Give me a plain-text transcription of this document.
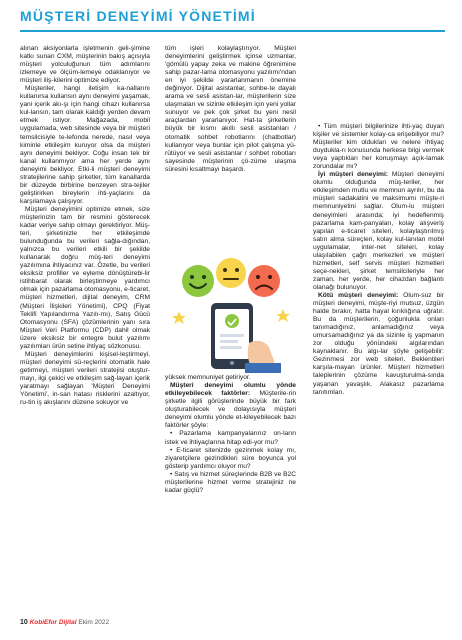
MÜŞTERİ DENEYİMİ YÖNETİMİ

alınan aksiyonlarla işletmenin geli-şimine katkı sunan CXM, müşterinin bakış açısıyla müşteri yolculuğunun tüm adımlarını izlemeye ve ölçüm-lemeye odaklanıyor ve müşteri iliş-kilerini optimize ediyor.

Müşteriler, hangi iletişim ka-nallarını kullanırsa kullansın aynı deneyimi yaşamak, yani içerik akı-şı için hangi cihazı kullanırsa kul-lansın, tam olarak kaldığı yerden devam etmek istiyor. Mağazada, mobil uygulamada, web sitesinde veya bir müşteri temsilcisiyle te-lefonda nerede, nasıl veya kiminle etkileşim kuruyor olsa da müşteri aynı deneyimi bekliyor. Coğu insan tek bir kanal kullanmıyor ama her yerde aynı deneyimi bekliyor. Etki-li müşteri deneyimi stratejilerine sahip şirketler, tüm kanallarda bir düzeyde birbirine benzeyen stra-tejiler geliştirirken bireylerin ihti-yaçlarını da karşılamaya çalışıyor.

Müşteri deneyimini optimize etmek, size müşterinizin tam bir resmini gösterecek kadar veriye sahip olmayı gerektiriyor. Müş-teri, şirketinizle her etkileşimde bulunduğunda bu verileri sağla-dığından, yalnızca bu verileri etkili bir şekilde kullanarak doğru müş-teri deneyimi yazılımına ihtiyacınız var. Özetle, bu verileri eksiksiz profiller ve eyleme dönüştürebi-lir istihbarat olarak birleştirmeye yardımcı olmak için pazarlama otomasyonu, e-ticaret, müşteri hizmetleri, dijital deneyim, CRM (Müşteri İlişkileri Yönetimi), CPQ (Fiyat Teklifi Yapılandırma Yazılı-mı), Satış Gücü Otomasyonu (SFA) çözümlerinin yanı sıra Müşteri Veri Platformu (CDP) dahil olmak üzere eksiksiz bir entegre bulut yazılımı yazılımları ürün setine ihtiyaç sözkonusu.

Müşteri deneyimlerini kişisel-leştirmeyi, müşteri deneyimi sü-reçlerini otomatik hale getirmeyi, müşteri verileri stratejisi oluştur-mayı, ilgi çekici ve etkileşim sağ-layan içerik yaratmayı sağlayan 'Müşteri Deneyimi Yönetimi', in-san hatası risklerini azaltıyor, ru-tin iş akışlarını düzene sokuyor ve

tüm işleri kolaylaştırıyor. Müşteri deneyimlerini geliştirmek içinse uzmanlar, 'gömülü yapay zeka ve makine öğrenimine sahip pazar-lama otomasyonu yazılımı'ndan en iyi şekilde yararlanmanın önemine değiniyor. Dijital asistanlar, sohbe-te dayalı arama ve sesli asistan-lar, müşterilerin size ulaşmaları ve sizinle etkileşim için yeni yollar sunuyor ve pek çok şirket bu yeni nesil araçlardan yararlanıyor. Hat-ta şirketlerin büyük bir kısmı akıllı sesli asistanları / otomatik sohbet robotlarını (chatbotlar) kullanıyor veya bunlar için pilot çalışma yü-rütüyor ve sesli asistanlar / sohbet robotları sayesinde müşterinin çö-züme ulaşma süresini kısaltmayı başardı.

yüksek memnuniyet getiriyor.

Müşteri deneyimi olumlu yönde etkileyebilecek faktörler: Müşterile-rin şirketle ilgili görüşlerinde büyük bir fark oluşturabilecek ve dolayısıyla müşteri deneyimi olumlu yönde et-kileyebilecek bazı faktörler şöyle:

• Pazarlama kampanyalarınız on-ların istek ve ihtiyaçlarına hitap edi-yor mu?

• E-ticaret sitenizde gezinmek kolay mı, ziyaretçilere gezindikleri süre boyunca yol gösterip yardımcı oluyor mu?

• Satış ve hizmet süreçlerinde B2B ve B2C müşterilerine hizmet verme stratejiniz ne kadar güçlü?

• Tüm müşteri bilgilerinize ihti-yaç duyan kişiler ve sistemler kolay-ca erişebiliyor mu? Müşteriler kim oldukları ve nelere ihtiyaç duydukla-rı konusunda herkese bilgi vermek veya yaptıkları her konuşmayı açık-lamak zorundalar mı?

İyi müşteri deneyimi: Müşteri deneyimi olumlu olduğunda müş-teriler, her etkileşimden mutlu ve memnun ayrılır, bu da müşteri sadakatini ve maksimumı müşte-ri memnuniyetini sağlar. Olum-lu müşteri deneyimleri arasında; iyi hedeflenmiş pazarlama kam-panyaları, kolay alışveriş yapılan e-ticaret siteleri, kolaylaştırılmış satın alma süreçleri, kolay kul-lanılan mobil uygulamalar, inter-net siteleri, kolay ulaşılabilen çağrı merkezleri ve müşteri hizmetleri, self servis müşteri hizmetleri seçe-nekleri, şirket temsilcileriyle her zaman, her yerde, her cihazdan bağlantı olanağı bulunuyor.

Kötü müşteri deneyimi: Olum-suz bir müşteri deneyimi, müşte-riyi mutsuz, üzgün halde bırakır, hatta hayal kırıklığına uğratır. Bu da müşterilerin, çoğunlukla onları tanımadığınız, anlamadığınız veya umursamadığınız ya da sizinle iş yapmanın zor olduğu yönündeki algılarından kaynaklanır. Bu algı-lar şöyle gelişebilir: Gezinmesi zor web siteleri. Beklentileri karşıla-mayan ürünler. Müşteri hizmetleri taleplerinin çözüme kavuşturulma-sında yaşanan yavaşlık. Alakasız pazarlama tanıtımları.

10 KobiEfor Dijital Ekim 2022
